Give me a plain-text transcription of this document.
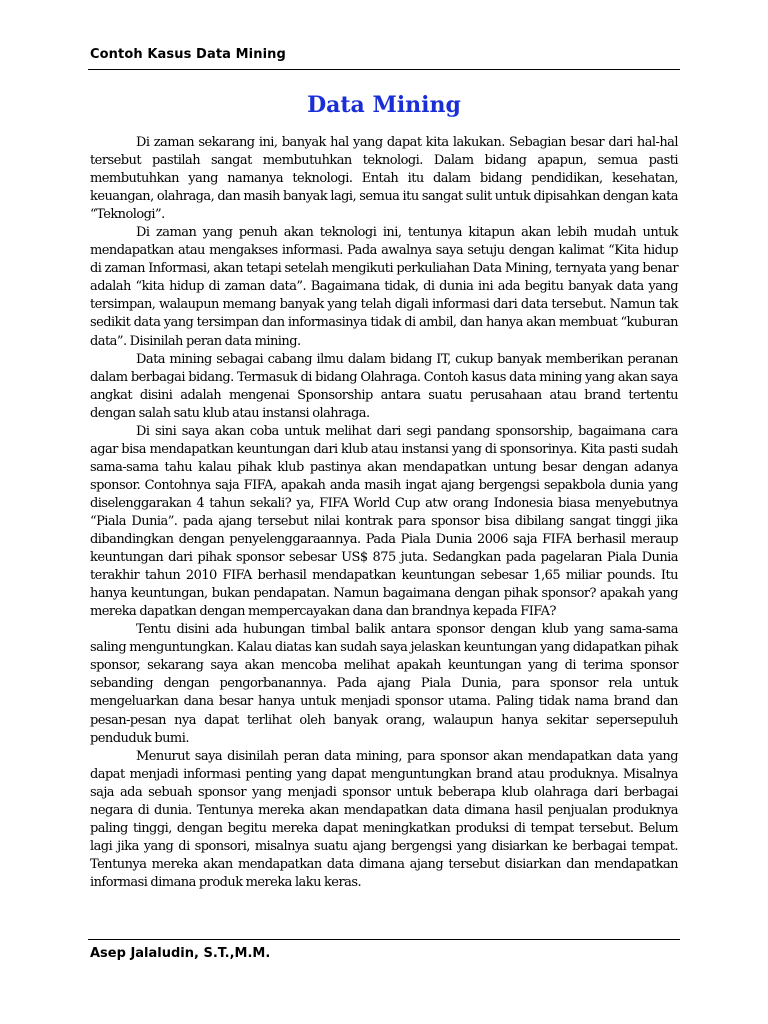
Contoh Kasus Data Mining
Data Mining

Di zaman sekarang ini, banyak hal yang dapat kita lakukan. Sebagian besar dari hal-hal tersebut pastilah sangat membutuhkan teknologi. Dalam bidang apapun, semua pasti membutuhkan yang namanya teknologi. Entah itu dalam bidang pendidikan, kesehatan, keuangan, olahraga, dan masih banyak lagi, semua itu sangat sulit untuk dipisahkan dengan kata “Teknologi”.

Di zaman yang penuh akan teknologi ini, tentunya kitapun akan lebih mudah untuk mendapatkan atau mengakses informasi. Pada awalnya saya setuju dengan kalimat “Kita hidup di zaman Informasi, akan tetapi setelah mengikuti perkuliahan Data Mining, ternyata yang benar adalah “kita hidup di zaman data”. Bagaimana tidak, di dunia ini ada begitu banyak data yang tersimpan, walaupun memang banyak yang telah digali informasi dari data tersebut. Namun tak sedikit data yang tersimpan dan informasinya tidak di ambil, dan hanya akan membuat “kuburan data”. Disinilah peran data mining.

Data mining sebagai cabang ilmu dalam bidang IT, cukup banyak memberikan peranan dalam berbagai bidang. Termasuk di bidang Olahraga. Contoh kasus data mining yang akan saya angkat disini adalah mengenai Sponsorship antara suatu perusahaan atau brand tertentu dengan salah satu klub atau instansi olahraga.

Di sini saya akan coba untuk melihat dari segi pandang sponsorship, bagaimana cara agar bisa mendapatkan keuntungan dari klub atau instansi yang di sponsorinya. Kita pasti sudah sama-sama tahu kalau pihak klub pastinya akan mendapatkan untung besar dengan adanya sponsor. Contohnya saja FIFA, apakah anda masih ingat ajang bergengsi sepakbola dunia yang diselenggarakan 4 tahun sekali? ya, FIFA World Cup atw orang Indonesia biasa menyebutnya “Piala Dunia”. pada ajang tersebut nilai kontrak para sponsor bisa dibilang sangat tinggi jika dibandingkan dengan penyelenggaraannya. Pada Piala Dunia 2006 saja FIFA berhasil meraup keuntungan dari pihak sponsor sebesar US$ 875 juta. Sedangkan pada pagelaran Piala Dunia terakhir tahun 2010 FIFA berhasil mendapatkan keuntungan sebesar 1,65 miliar pounds. Itu hanya keuntungan, bukan pendapatan. Namun bagaimana dengan pihak sponsor? apakah yang mereka dapatkan dengan mempercayakan dana dan brandnya kepada FIFA?

Tentu disini ada hubungan timbal balik antara sponsor dengan klub yang sama-sama saling menguntungkan. Kalau diatas kan sudah saya jelaskan keuntungan yang didapatkan pihak sponsor, sekarang saya akan mencoba melihat apakah keuntungan yang di terima sponsor sebanding dengan pengorbanannya. Pada ajang Piala Dunia, para sponsor rela untuk mengeluarkan dana besar hanya untuk menjadi sponsor utama. Paling tidak nama brand dan pesan-pesan nya dapat terlihat oleh banyak orang, walaupun hanya sekitar sepersepuluh penduduk bumi.

Menurut saya disinilah peran data mining, para sponsor akan mendapatkan data yang dapat menjadi informasi penting yang dapat menguntungkan brand atau produknya. Misalnya saja ada sebuah sponsor yang menjadi sponsor untuk beberapa klub olahraga dari berbagai negara di dunia. Tentunya mereka akan mendapatkan data dimana hasil penjualan produknya paling tinggi, dengan begitu mereka dapat meningkatkan produksi di tempat tersebut. Belum lagi jika yang di sponsori, misalnya suatu ajang bergengsi yang disiarkan ke berbagai tempat. Tentunya mereka akan mendapatkan data dimana ajang tersebut disiarkan dan mendapatkan informasi dimana produk mereka laku keras.

Asep Jalaludin, S.T.,M.M.
